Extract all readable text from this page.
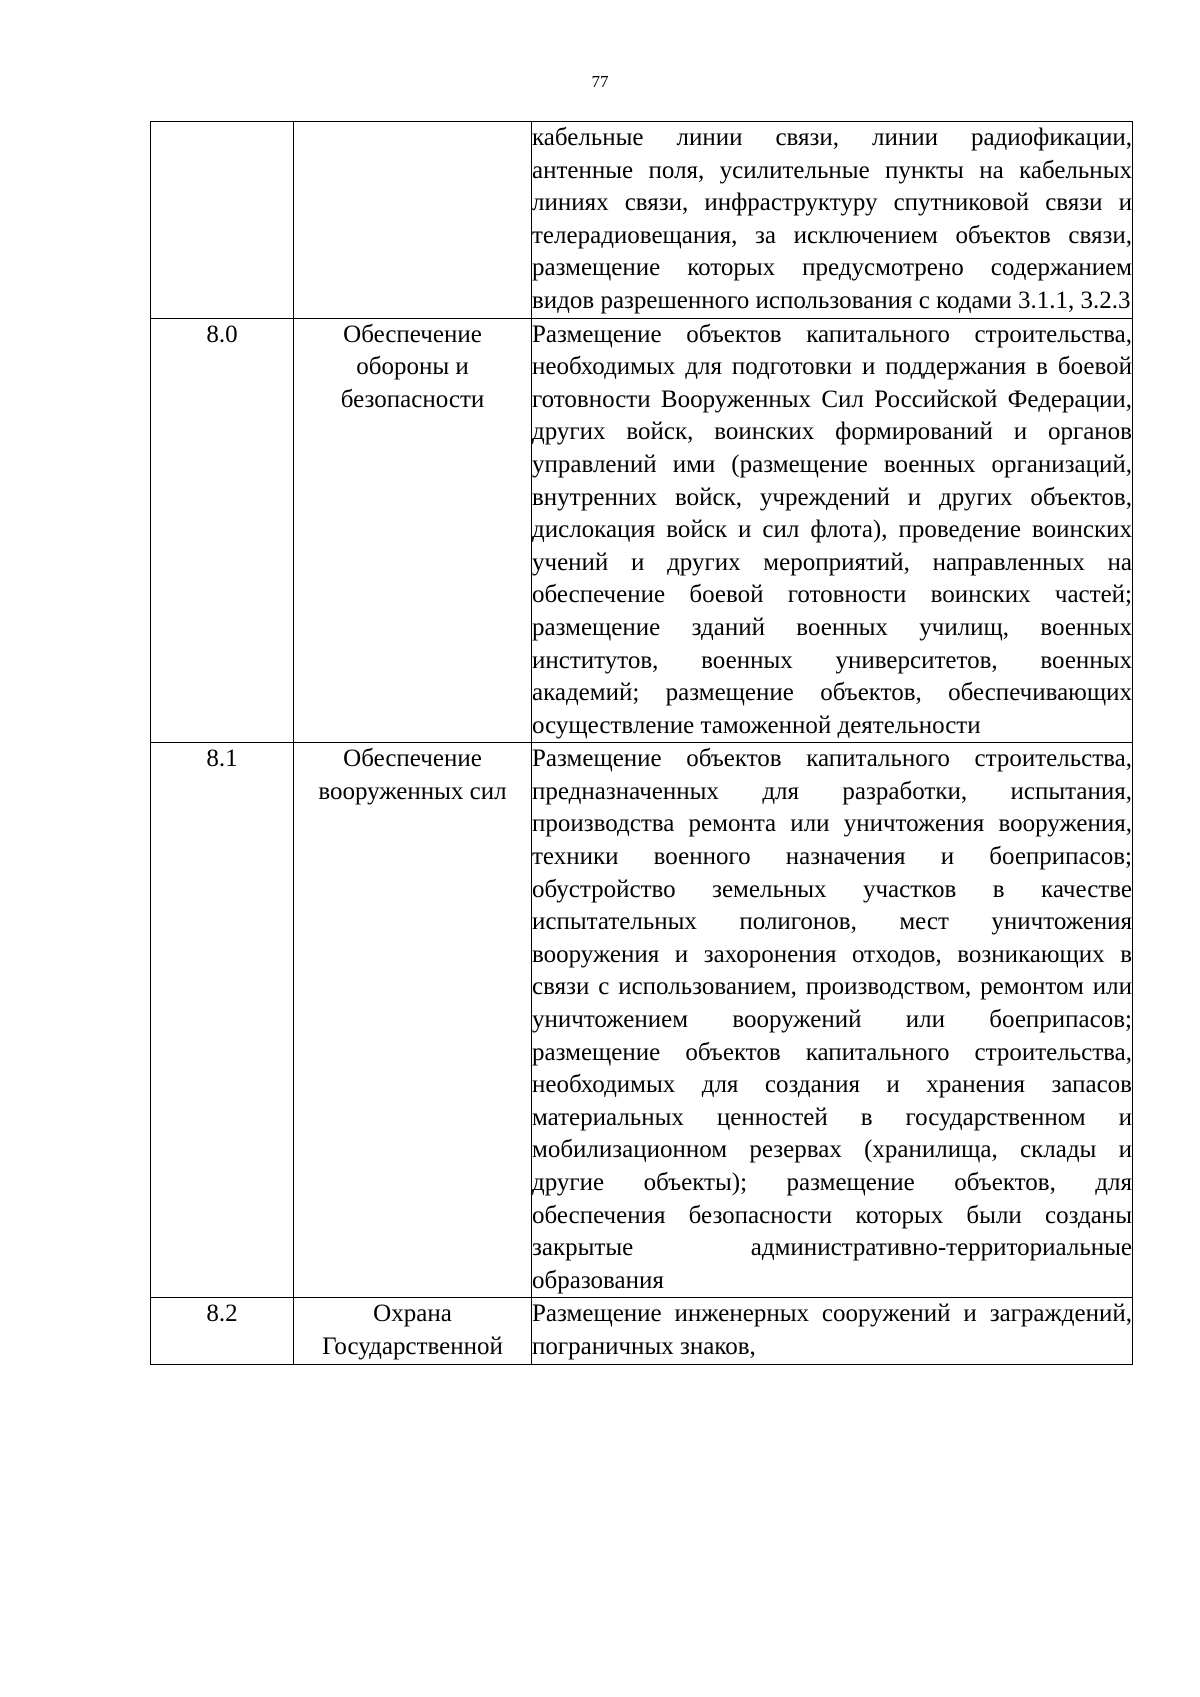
77

		кабельные линии связи, линии радиофикации, антенные поля, усилительные пункты на кабельных линиях связи, инфраструктуру спутниковой связи и телерадиовещания, за исключением объектов связи, размещение которых предусмотрено содержанием видов разрешенного использования с кодами 3.1.1, 3.2.3

8.0	Обеспечение обороны и безопасности	Размещение объектов капитального строительства, необходимых для подготовки и поддержания в боевой готовности Вооруженных Сил Российской Федерации, других войск, воинских формирований и органов управлений ими (размещение военных организаций, внутренних войск, учреждений и других объектов, дислокация войск и сил флота), проведение воинских учений и других мероприятий, направленных на обеспечение боевой готовности воинских частей; размещение зданий военных училищ, военных институтов, военных университетов, военных академий; размещение объектов, обеспечивающих осуществление таможенной деятельности

8.1	Обеспечение вооруженных сил	Размещение объектов капитального строительства, предназначенных для разработки, испытания, производства ремонта или уничтожения вооружения, техники военного назначения и боеприпасов; обустройство земельных участков в качестве испытательных полигонов, мест уничтожения вооружения и захоронения отходов, возникающих в связи с использованием, производством, ремонтом или уничтожением вооружений или боеприпасов; размещение объектов капитального строительства, необходимых для создания и хранения запасов материальных ценностей в государственном и мобилизационном резервах (хранилища, склады и другие объекты); размещение объектов, для обеспечения безопасности которых были созданы закрытые административно-территориальные образования

8.2	Охрана Государственной	Размещение инженерных сооружений и заграждений, пограничных знаков,
